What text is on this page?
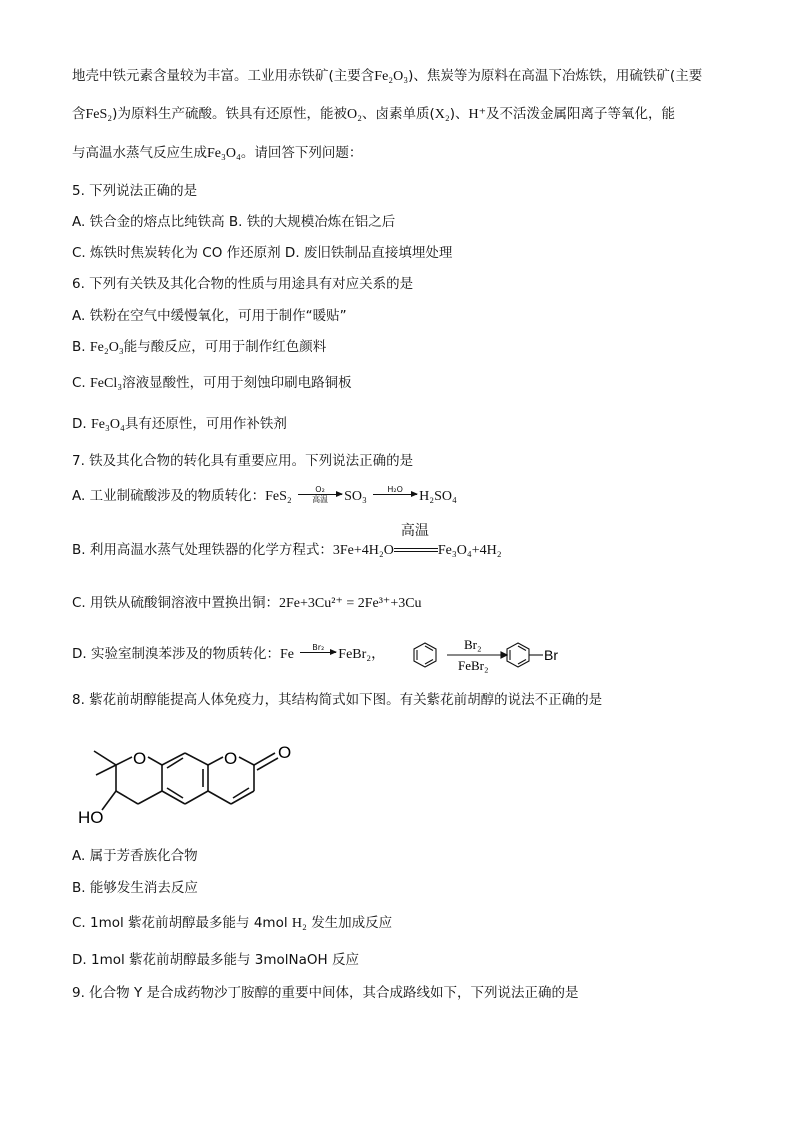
地壳中铁元素含量较为丰富。工业用赤铁矿(主要含Fe₂O₃)、焦炭等为原料在高温下冶炼铁，用硫铁矿(主要
含FeS₂)为原料生产硫酸。铁具有还原性，能被O₂、卤素单质(X₂)、H⁺及不活泼金属阳离子等氧化，能
与高温水蒸气反应生成Fe₃O₄。请回答下列问题：
5. 下列说法正确的是
A. 铁合金的熔点比纯铁高 B. 铁的大规模冶炼在铝之后
C. 炼铁时焦炭转化为 CO 作还原剂 D. 废旧铁制品直接填埋处理
6. 下列有关铁及其化合物的性质与用途具有对应关系的是
A. 铁粉在空气中缓慢氧化，可用于制作“暖贴”
B. Fe₂O₃能与酸反应，可用于制作红色颜料
C. FeCl₃溶液显酸性，可用于刻蚀印刷电路铜板
D. Fe₃O₄具有还原性，可用作补铁剂
7. 铁及其化合物的转化具有重要应用。下列说法正确的是
A. 工业制硫酸涉及的物质转化：FeS₂	O₂
高温	SO₃	H₂O	H₂SO₄
B. 利用高温水蒸气处理铁器的化学方程式：3Fe+4H₂O
高温
Fe₃O₄+4H₂
C. 用铁从硫酸铜溶液中置换出铜：2Fe+3Cu²⁺ = 2Fe³⁺+3Cu
D. 实验室制溴苯涉及的物质转化：Fe	Br₂	FeBr₂，
Br₂
FeBr₂
Br
8. 紫花前胡醇能提高人体免疫力，其结构简式如下图。有关紫花前胡醇的说法不正确的是
O	O O
HO
A. 属于芳香族化合物
B. 能够发生消去反应
C. 1mol 紫花前胡醇最多能与 4mol H₂ 发生加成反应
D. 1mol 紫花前胡醇最多能与 3molNaOH 反应
9. 化合物 Y 是合成药物沙丁胺醇的重要中间体，其合成路线如下，下列说法正确的是
